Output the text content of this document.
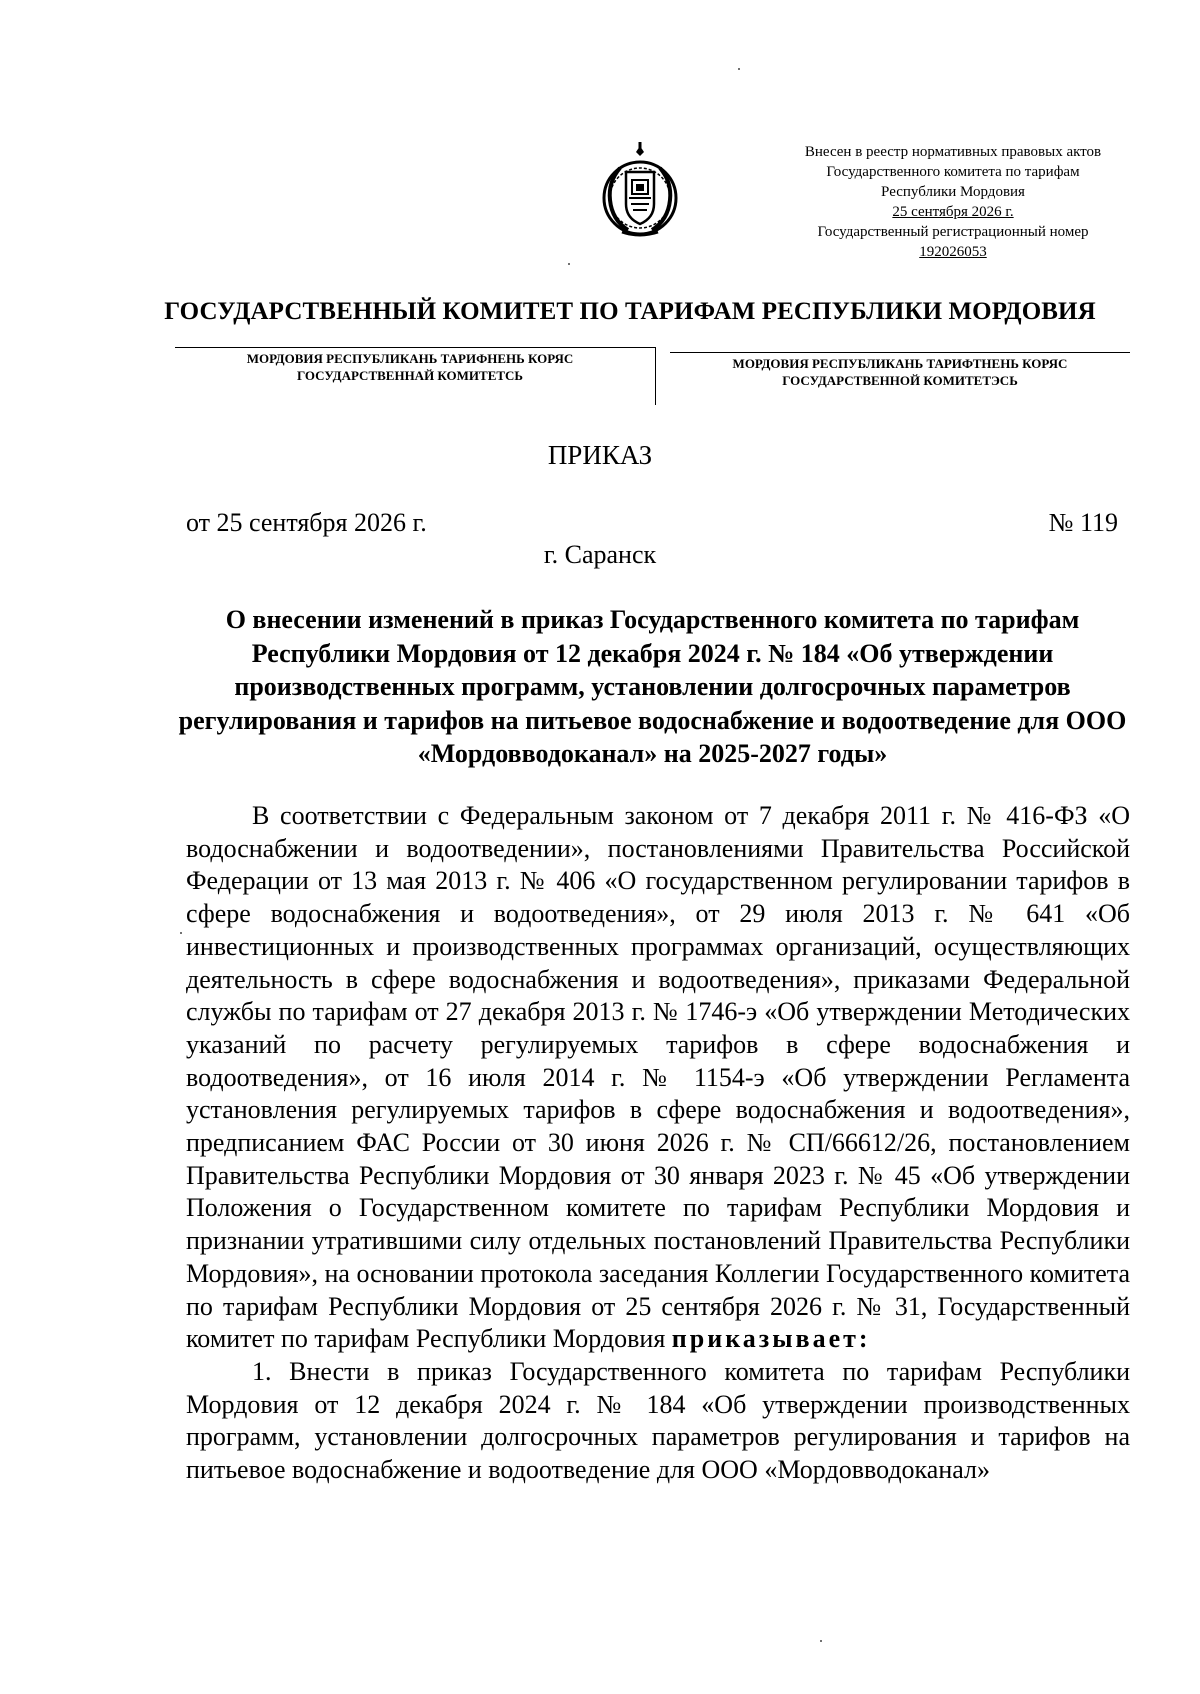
Внесен в реестр нормативных правовых актов
Государственного комитета по тарифам
Республики Мордовия
25 сентября 2026 г.
Государственный регистрационный номер
192026053
ГОСУДАРСТВЕННЫЙ КОМИТЕТ ПО ТАРИФАМ РЕСПУБЛИКИ МОРДОВИЯ
МОРДОВИЯ РЕСПУБЛИКАНЬ ТАРИФНЕНЬ КОРЯС
ГОСУДАРСТВЕННАЙ КОМИТЕТСЬ
МОРДОВИЯ РЕСПУБЛИКАНЬ ТАРИФТНЕНЬ КОРЯС
ГОСУДАРСТВЕННОЙ КОМИТЕТЭСЬ
ПРИКАЗ
от 25 сентября 2026 г.	№ 119
г. Саранск
О внесении изменений в приказ Государственного комитета по тарифам Республики Мордовия от 12 декабря 2024 г. № 184 «Об утверждении производственных программ, установлении долгосрочных параметров регулирования и тарифов на питьевое водоснабжение и водоотведение для ООО «Мордовводоканал» на 2025-2027 годы»

В соответствии с Федеральным законом от 7 декабря 2011 г. № 416-ФЗ «О водоснабжении и водоотведении», постановлениями Правительства Российской Федерации от 13 мая 2013 г. № 406 «О государственном регулировании тарифов в сфере водоснабжения и водоотведения», от 29 июля 2013 г. № 641 «Об инвестиционных и производственных программах организаций, осуществляющих деятельность в сфере водоснабжения и водоотведения», приказами Федеральной службы по тарифам от 27 декабря 2013 г. № 1746-э «Об утверждении Методических указаний по расчету регулируемых тарифов в сфере водоснабжения и водоотведения», от 16 июля 2014 г. № 1154-э «Об утверждении Регламента установления регулируемых тарифов в сфере водоснабжения и водоотведения», предписанием ФАС России от 30 июня 2026 г. № СП/66612/26, постановлением Правительства Республики Мордовия от 30 января 2023 г. № 45 «Об утверждении Положения о Государственном комитете по тарифам Республики Мордовия и признании утратившими силу отдельных постановлений Правительства Республики Мордовия», на основании протокола заседания Коллегии Государственного комитета по тарифам Республики Мордовия от 25 сентября 2026 г. № 31, Государственный комитет по тарифам Республики Мордовия приказывает:

1. Внести в приказ Государственного комитета по тарифам Республики Мордовия от 12 декабря 2024 г. № 184 «Об утверждении производственных программ, установлении долгосрочных параметров регулирования и тарифов на питьевое водоснабжение и водоотведение для ООО «Мордовводоканал»
